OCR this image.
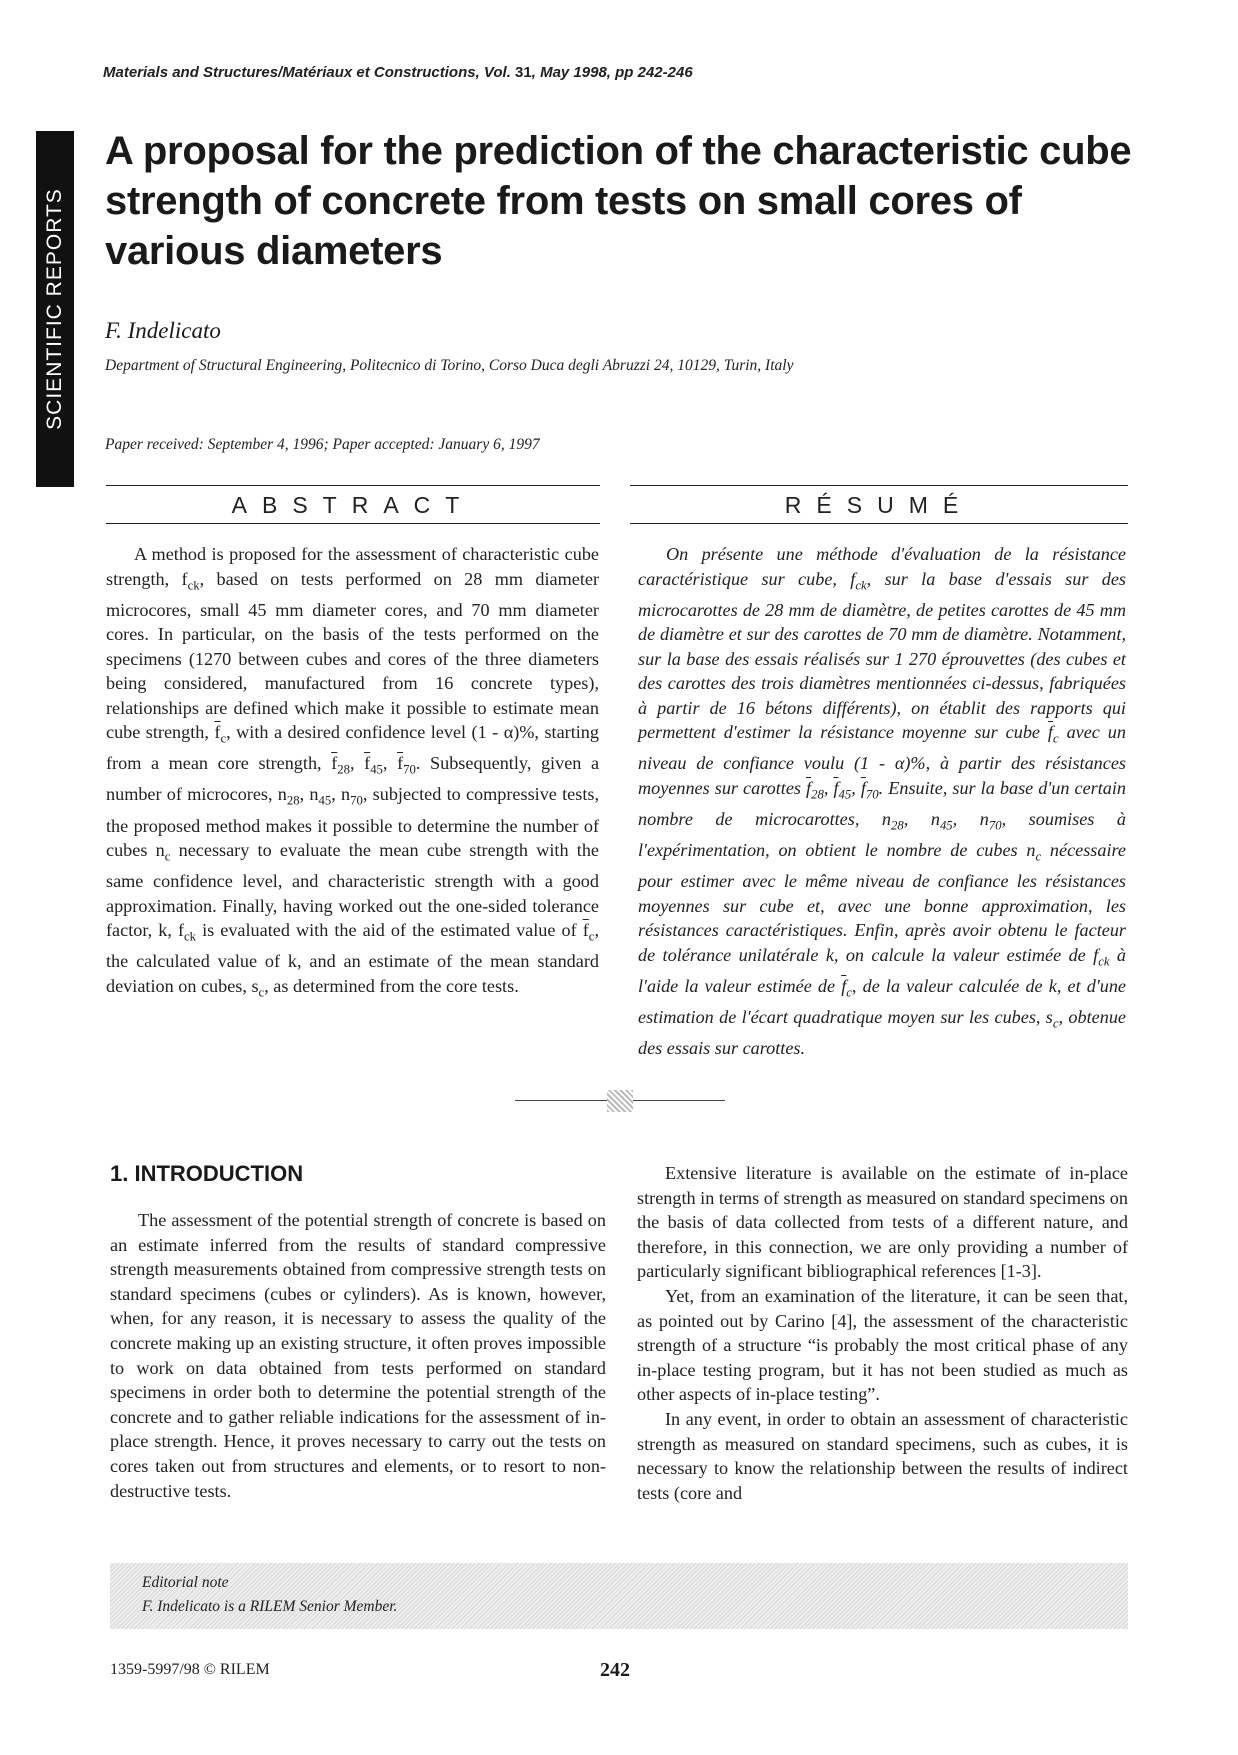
Materials and Structures/Matériaux et Constructions, Vol. 31, May 1998, pp 242-246
SCIENTIFIC REPORTS
A proposal for the prediction of the characteristic cube strength of concrete from tests on small cores of various diameters
F. Indelicato
Department of Structural Engineering, Politecnico di Torino, Corso Duca degli Abruzzi 24, 10129, Turin, Italy
Paper received: September 4, 1996; Paper accepted: January 6, 1997
ABSTRACT	RÉSUMÉ
A method is proposed for the assessment of characteristic cube strength, $f_{ck}$, based on tests performed on 28 mm diameter microcores, small 45 mm diameter cores, and 70 mm diameter cores. In particular, on the basis of the tests performed on the specimens (1270 between cubes and cores of the three diameters being considered, manufactured from 16 concrete types), relationships are defined which make it possible to estimate mean cube strength, $\overline{f}_c$, with a desired confidence level (1 - α)%, starting from a mean core strength, $\overline{f}_{28}$, $\overline{f}_{45}$, $\overline{f}_{70}$. Subsequently, given a number of microcores, $n_{28}$, $n_{45}$, $n_{70}$, subjected to compressive tests, the proposed method makes it possible to determine the number of cubes $n_c$ necessary to evaluate the mean cube strength with the same confidence level, and characteristic strength with a good approximation. Finally, having worked out the one-sided tolerance factor, k, $f_{ck}$ is evaluated with the aid of the estimated value of $\overline{f}_c$, the calculated value of k, and an estimate of the mean standard deviation on cubes, $s_c$, as determined from the core tests.
On présente une méthode d'évaluation de la résistance caractéristique sur cube, $f_{ck}$, sur la base d'essais sur des microcarottes de 28 mm de diamètre, de petites carottes de 45 mm de diamètre et sur des carottes de 70 mm de diamètre. Notamment, sur la base des essais réalisés sur 1 270 éprouvettes (des cubes et des carottes des trois diamètres mentionnées ci-dessus, fabriquées à partir de 16 bétons différents), on établit des rapports qui permettent d'estimer la résistance moyenne sur cube $\overline{f}_c$ avec un niveau de confiance voulu (1 - α)%, à partir des résistances moyennes sur carottes $\overline{f}_{28}$, $\overline{f}_{45}$, $\overline{f}_{70}$. Ensuite, sur la base d'un certain nombre de microcarottes, $n_{28}$, $n_{45}$, $n_{70}$, soumises à l'expérimentation, on obtient le nombre de cubes $n_c$ nécessaire pour estimer avec le même niveau de confiance les résistances moyennes sur cube et, avec une bonne approximation, les résistances caractéristiques. Enfin, après avoir obtenu le facteur de tolérance unilatérale k, on calcule la valeur estimée de $f_{ck}$ à l'aide la valeur estimée de $\overline{f}_c$, de la valeur calculée de k, et d'une estimation de l'écart quadratique moyen sur les cubes, $s_c$, obtenue des essais sur carottes.
1. INTRODUCTION

The assessment of the potential strength of concrete is based on an estimate inferred from the results of standard compressive strength measurements obtained from compressive strength tests on standard specimens (cubes or cylinders). As is known, however, when, for any reason, it is necessary to assess the quality of the concrete making up an existing structure, it often proves impossible to work on data obtained from tests performed on standard specimens in order both to determine the potential strength of the concrete and to gather reliable indications for the assessment of in-place strength. Hence, it proves necessary to carry out the tests on cores taken out from structures and elements, or to resort to non-destructive tests.

Extensive literature is available on the estimate of in-place strength in terms of strength as measured on standard specimens on the basis of data collected from tests of a different nature, and therefore, in this connection, we are only providing a number of particularly significant bibliographical references [1-3].

Yet, from an examination of the literature, it can be seen that, as pointed out by Carino [4], the assessment of the characteristic strength of a structure “is probably the most critical phase of any in-place testing program, but it has not been studied as much as other aspects of in-place testing”.

In any event, in order to obtain an assessment of characteristic strength as measured on standard specimens, such as cubes, it is necessary to know the relationship between the results of indirect tests (core and

Editorial note
F. Indelicato is a RILEM Senior Member.
1359-5997/98 © RILEM	242
